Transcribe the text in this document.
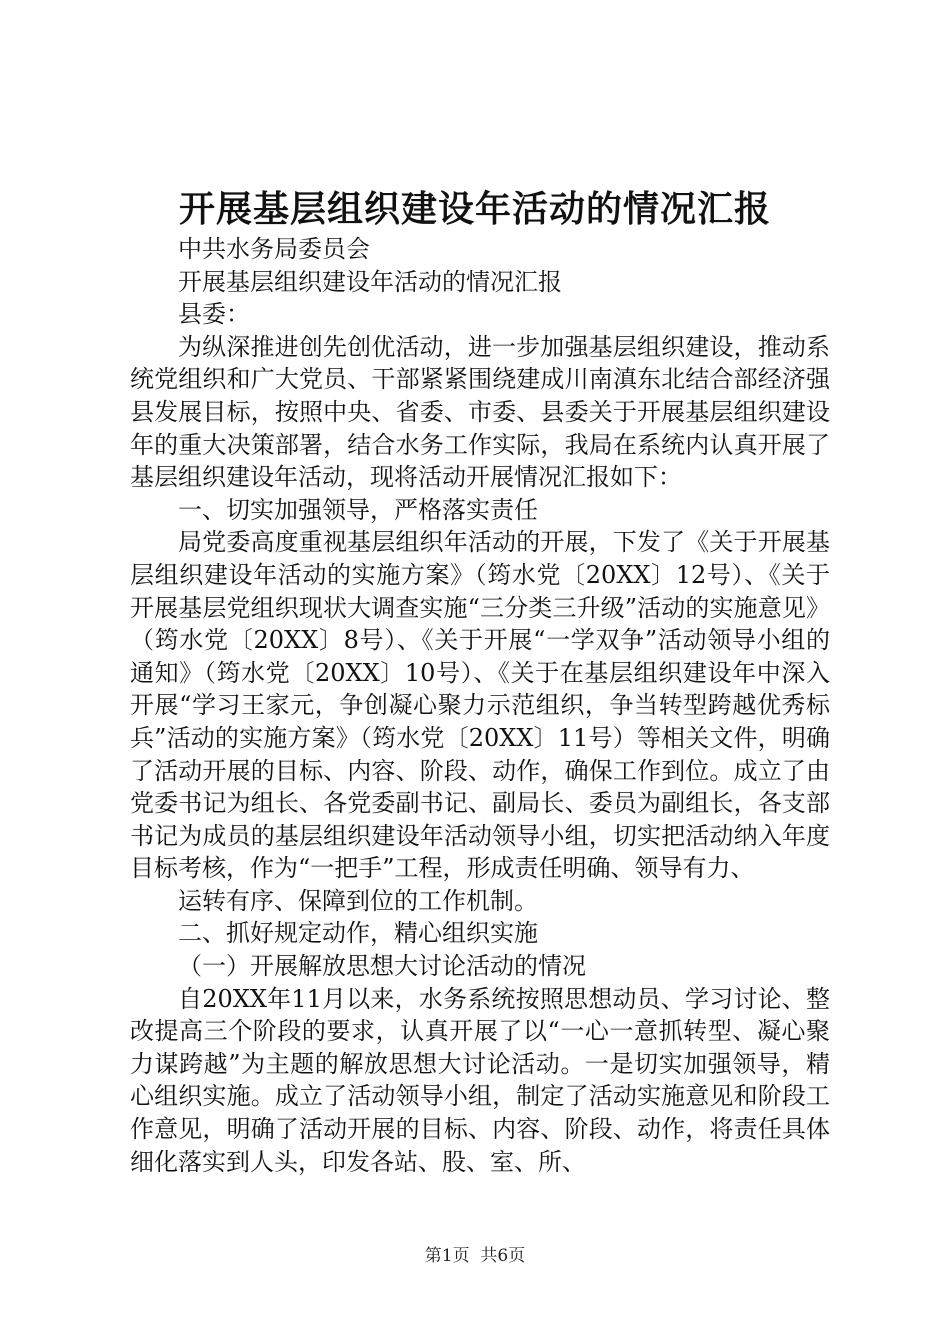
开展基层组织建设年活动的情况汇报

中共水务局委员会

开展基层组织建设年活动的情况汇报

县委：

为纵深推进创先创优活动，进一步加强基层组织建设，推动系统党组织和广大党员、干部紧紧围绕建成川南滇东北结合部经济强县发展目标，按照中央、省委、市委、县委关于开展基层组织建设年的重大决策部署，结合水务工作实际，我局在系统内认真开展了基层组织建设年活动，现将活动开展情况汇报如下：

一、切实加强领导，严格落实责任

局党委高度重视基层组织年活动的开展，下发了《关于开展基层组织建设年活动的实施方案》（筠水党〔20XX〕12号）、《关于开展基层党组织现状大调查实施“三分类三升级”活动的实施意见》（筠水党〔20XX〕8号）、《关于开展“一学双争”活动领导小组的通知》（筠水党〔20XX〕10号）、《关于在基层组织建设年中深入开展“学习王家元，争创凝心聚力示范组织，争当转型跨越优秀标兵”活动的实施方案》（筠水党〔20XX〕11号）等相关文件，明确了活动开展的目标、内容、阶段、动作，确保工作到位。成立了由党委书记为组长、各党委副书记、副局长、委员为副组长，各支部书记为成员的基层组织建设年活动领导小组，切实把活动纳入年度目标考核，作为“一把手”工程，形成责任明确、领导有力、

运转有序、保障到位的工作机制。

二、抓好规定动作，精心组织实施

（一）开展解放思想大讨论活动的情况

自20XX年11月以来，水务系统按照思想动员、学习讨论、整改提高三个阶段的要求，认真开展了以“一心一意抓转型、凝心聚力谋跨越”为主题的解放思想大讨论活动。一是切实加强领导，精心组织实施。成立了活动领导小组，制定了活动实施意见和阶段工作意见，明确了活动开展的目标、内容、阶段、动作，将责任具体细化落实到人头，印发各站、股、室、所、

第1页 共6页
